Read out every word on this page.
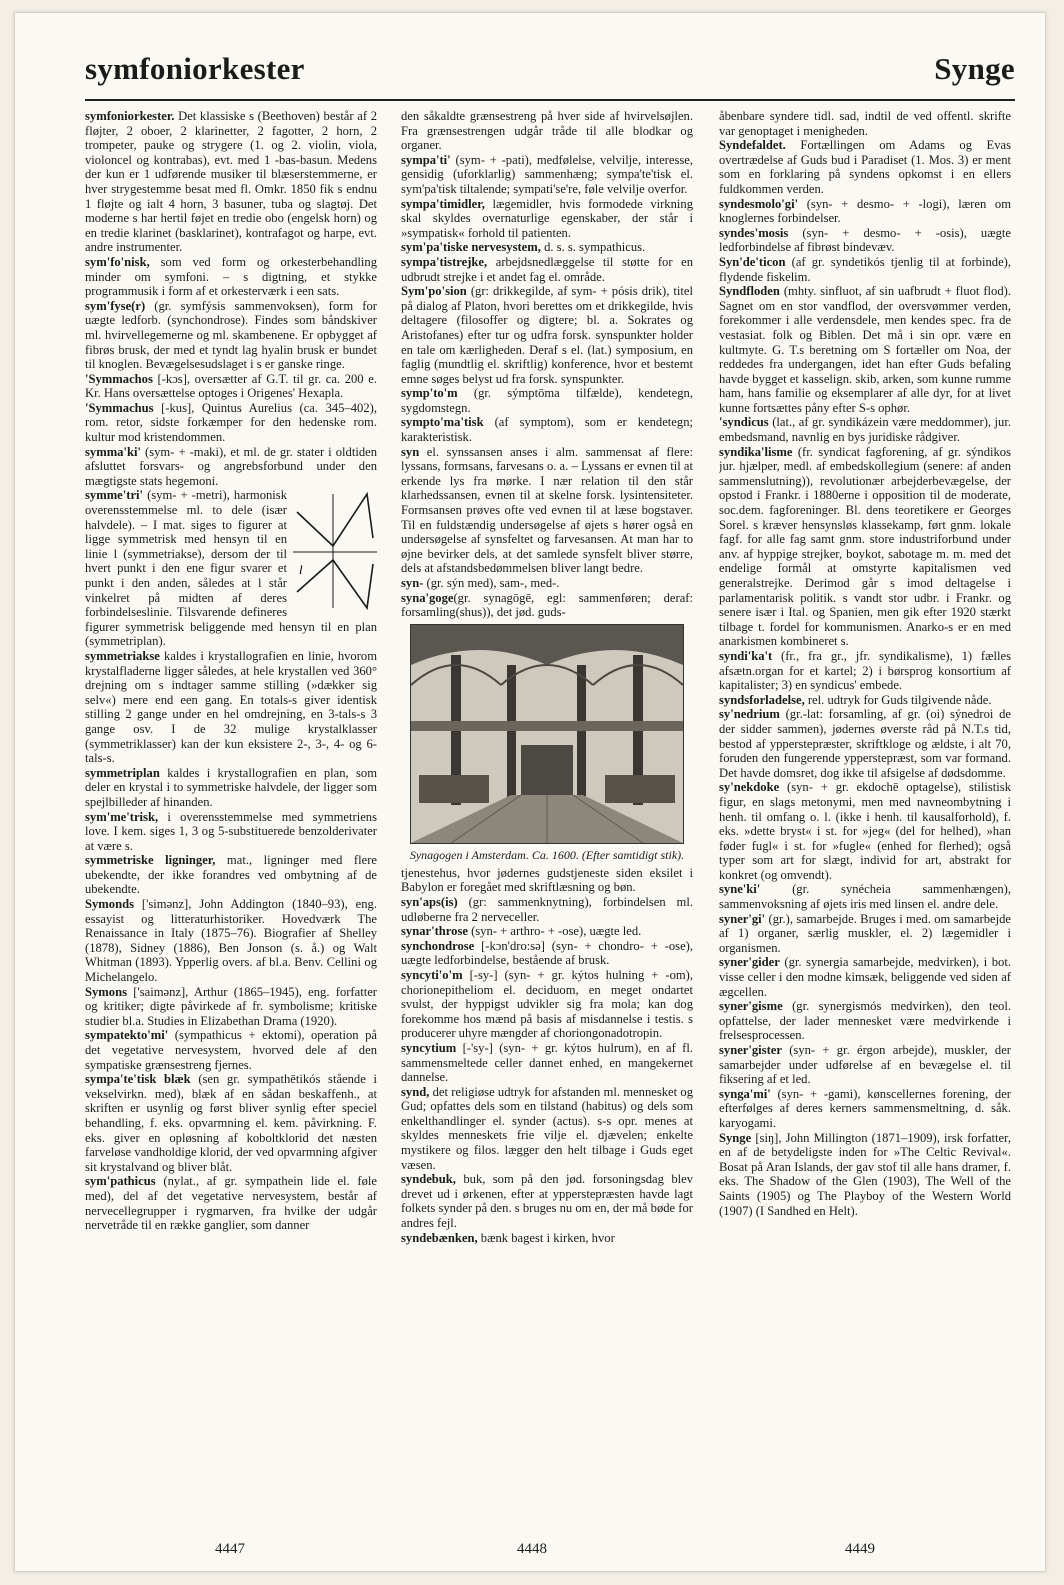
symfoniorkester	Synge

symfoniorkester. Det klassiske s (Beethoven) består af 2 fløjter, 2 oboer, 2 klarinetter, 2 fagotter, 2 horn, 2 trompeter, pauke og strygere (1. og 2. violin, viola, violoncel og kontrabas), evt. med 1 -bas-basun. Medens der kun er 1 udførende musiker til blæserstemmerne, er hver strygestemme besat med fl. Omkr. 1850 fik s endnu 1 fløjte og ialt 4 horn, 3 basuner, tuba og slagtøj. Det moderne s har hertil føjet en tredie obo (engelsk horn) og en tredie klarinet (basklarinet), kontrafagot og harpe, evt. andre instrumenter.

sym'fo'nisk, som ved form og orkesterbehandling minder om symfoni. – s digtning, et stykke programmusik i form af et orkesterværk i een sats.

sym'fyse(r) (gr. symfýsis sammenvoksen), form for uægte ledforb. (synchondrose). Findes som båndskiver ml. hvirvellegemerne og ml. skambenene. Er opbygget af fibrøs brusk, der med et tyndt lag hyalin brusk er bundet til knoglen. Bevægelsesudslaget i s er ganske ringe.

'Symmachos [-kɔs], oversætter af G.T. til gr. ca. 200 e. Kr. Hans oversættelse optoges i Origenes' Hexapla.

'Symmachus [-kus], Quintus Aurelius (ca. 345–402), rom. retor, sidste forkæmper for den hedenske rom. kultur mod kristendommen.

symma'ki' (sym- + -maki), et ml. de gr. stater i oldtiden afsluttet forsvars- og angrebsforbund under den mægtigste stats hegemoni.

l
symme'tri' (sym- + -metri), harmonisk overensstemmelse ml. to dele (især halvdele). – I mat. siges to figurer at ligge symmetrisk med hensyn til en linie l (symmetriakse), dersom der til hvert punkt i den ene figur svarer et punkt i den anden, således at l står vinkelret på midten af deres forbindelseslinie. Tilsvarende defineres figurer symmetrisk beliggende med hensyn til en plan (symmetriplan).

symmetriakse kaldes i krystallografien en linie, hvorom krystalfladerne ligger således, at hele krystallen ved 360° drejning om s indtager samme stilling (»dækker sig selv«) mere end een gang. En totals-s giver identisk stilling 2 gange under en hel omdrejning, en 3-tals-s 3 gange osv. I de 32 mulige krystalklasser (symmetriklasser) kan der kun eksistere 2-, 3-, 4- og 6-tals-s.

symmetriplan kaldes i krystallografien en plan, som deler en krystal i to symmetriske halvdele, der ligger som spejlbilleder af hinanden.

sym'me'trisk, i overensstemmelse med symmetriens love. I kem. siges 1, 3 og 5-substituerede benzolderivater at være s.

symmetriske ligninger, mat., ligninger med flere ubekendte, der ikke forandres ved ombytning af de ubekendte.

Symonds ['simənz], John Addington (1840–93), eng. essayist og litteraturhistoriker. Hovedværk The Renaissance in Italy (1875–76). Biografier af Shelley (1878), Sidney (1886), Ben Jonson (s. å.) og Walt Whitman (1893). Ypperlig overs. af bl.a. Benv. Cellini og Michelangelo.

Symons ['saimənz], Arthur (1865–1945), eng. forfatter og kritiker; digte påvirkede af fr. symbolisme; kritiske studier bl.a. Studies in Elizabethan Drama (1920).

sympatekto'mi' (sympathicus + ektomi), operation på det vegetative nervesystem, hvorved dele af den sympatiske grænsestreng fjernes.

sympa'te'tisk blæk (sen gr. sympathētikós stående i vekselvirkn. med), blæk af en sådan beskaffenh., at skriften er usynlig og først bliver synlig efter speciel behandling, f. eks. opvarmning el. kem. påvirkning. F. eks. giver en opløsning af koboltklorid det næsten farveløse vandholdige klorid, der ved opvarmning afgiver sit krystalvand og bliver blåt.

sym'pathicus (nylat., af gr. sympathein lide el. føle med), del af det vegetative nervesystem, består af nervecellegrupper i rygmarven, fra hvilke der udgår nervetråde til en række ganglier, som danner

den såkaldte grænsestreng på hver side af hvirvelsøjlen. Fra grænsestrengen udgår tråde til alle blodkar og organer.

sympa'ti' (sym- + -pati), medfølelse, velvilje, interesse, gensidig (uforklarlig) sammenhæng; sympa'te'tisk el. sym'pa'tisk tiltalende; sympati'se're, føle velvilje overfor.

sympa'timidler, lægemidler, hvis formodede virkning skal skyldes overnaturlige egenskaber, der står i »sympatisk« forhold til patienten.

sym'pa'tiske nervesystem, d. s. s. sympathicus.

sympa'tistrejke, arbejdsnedlæggelse til støtte for en udbrudt strejke i et andet fag el. område.

Sym'po'sion (gr: drikkegilde, af sym- + pósis drik), titel på dialog af Platon, hvori berettes om et drikkegilde, hvis deltagere (filosoffer og digtere; bl. a. Sokrates og Aristofanes) efter tur og udfra forsk. synspunkter holder en tale om kærligheden. Deraf s el. (lat.) symposium, en faglig (mundtlig el. skriftlig) konference, hvor et bestemt emne søges belyst ud fra forsk. synspunkter.

symp'to'm (gr. sýmptōma tilfælde), kendetegn, sygdomstegn.

sympto'ma'tisk (af symptom), som er kendetegn; karakteristisk.

syn el. synssansen anses i alm. sammensat af flere: lyssans, formsans, farvesans o. a. – Lyssans er evnen til at erkende lys fra mørke. I nær relation til den står klarhedssansen, evnen til at skelne forsk. lysintensiteter. Formsansen prøves ofte ved evnen til at læse bogstaver. Til en fuldstændig undersøgelse af øjets s hører også en undersøgelse af synsfeltet og farvesansen. At man har to øjne bevirker dels, at det samlede synsfelt bliver større, dels at afstandsbedømmelsen bliver langt bedre.

syn- (gr. sýn med), sam-, med-.

syna'goge(gr. synagōgē, egl: sammenføren; deraf: forsamling(shus)), det jød. guds-

Synagogen i Amsterdam. Ca. 1600. (Efter samtidigt stik).

tjenestehus, hvor jødernes gudstjeneste siden eksilet i Babylon er foregået med skriftlæsning og bøn.

syn'aps(is) (gr: sammenknytning), forbindelsen ml. udløberne fra 2 nerveceller.

synar'throse (syn- + arthro- + -ose), uægte led.

synchondrose [-kɔn'dro:sə] (syn- + chondro- + -ose), uægte ledforbindelse, bestående af brusk.

syncyti'o'm [-sy-] (syn- + gr. kýtos hulning + -om), chorionepitheliom el. deciduom, en meget ondartet svulst, der hyppigst udvikler sig fra mola; kan dog forekomme hos mænd på basis af misdannelse i testis. s producerer uhyre mængder af choriongonadotropin.

syncytium [-'sy-] (syn- + gr. kýtos hulrum), en af fl. sammensmeltede celler dannet enhed, en mangekernet dannelse.

synd, det religiøse udtryk for afstanden ml. mennesket og Gud; opfattes dels som en tilstand (habitus) og dels som enkelthandlinger el. synder (actus). s-s opr. menes at skyldes menneskets frie vilje el. djævelen; enkelte mystikere og filos. lægger den helt tilbage i Guds eget væsen.

syndebuk, buk, som på den jød. forsoningsdag blev drevet ud i ørkenen, efter at ypperstepræsten havde lagt folkets synder på den. s bruges nu om en, der må bøde for andres fejl.

syndebænken, bænk bagest i kirken, hvor

åbenbare syndere tidl. sad, indtil de ved offentl. skrifte var genoptaget i menigheden.

Syndefaldet. Fortællingen om Adams og Evas overtrædelse af Guds bud i Paradiset (1. Mos. 3) er ment som en forklaring på syndens opkomst i en ellers fuldkommen verden.

syndesmolo'gi' (syn- + desmo- + -logi), læren om knoglernes forbindelser.

syndes'mosis (syn- + desmo- + -osis), uægte ledforbindelse af fibrøst bindevæv.

Syn'de'ticon (af gr. syndetikós tjenlig til at forbinde), flydende fiskelim.

Syndfloden (mhty. sinfluot, af sin uafbrudt + fluot flod). Sagnet om en stor vandflod, der oversvømmer verden, forekommer i alle verdensdele, men kendes spec. fra de vestasiat. folk og Biblen. Det må i sin opr. være en kultmyte. G. T.s beretning om S fortæller om Noa, der reddedes fra undergangen, idet han efter Guds befaling havde bygget et kasselign. skib, arken, som kunne rumme ham, hans familie og eksemplarer af alle dyr, for at livet kunne fortsættes påny efter S-s ophør.

'syndicus (lat., af gr. syndikázein være meddommer), jur. embedsmand, navnlig en bys juridiske rådgiver.

syndika'lisme (fr. syndicat fagforening, af gr. sýndikos jur. hjælper, medl. af embedskollegium (senere: af anden sammenslutning)), revolutionær arbejderbevægelse, der opstod i Frankr. i 1880erne i opposition til de moderate, soc.dem. fagforeninger. Bl. dens teoretikere er Georges Sorel. s kræver hensynsløs klassekamp, ført gnm. lokale fagf. for alle fag samt gnm. store industriforbund under anv. af hyppige strejker, boykot, sabotage m. m. med det endelige formål at omstyrte kapitalismen ved generalstrejke. Derimod går s imod deltagelse i parlamentarisk politik. s vandt stor udbr. i Frankr. og senere især i Ital. og Spanien, men gik efter 1920 stærkt tilbage t. fordel for kommunismen. Anarko-s er en med anarkismen kombineret s.

syndi'ka't (fr., fra gr., jfr. syndikalisme), 1) fælles afsætn.organ for et kartel; 2) i børsprog konsortium af kapitalister; 3) en syndicus' embede.

syndsforladelse, rel. udtryk for Guds tilgivende nåde.

sy'nedrium (gr.-lat: forsamling, af gr. (oi) sýnedroi de der sidder sammen), jødernes øverste råd på N.T.s tid, bestod af ypperstepræster, skriftkloge og ældste, i alt 70, foruden den fungerende ypperstepræst, som var formand. Det havde domsret, dog ikke til afsigelse af dødsdomme.

sy'nekdoke (syn- + gr. ekdochē optagelse), stilistisk figur, en slags metonymi, men med navneombytning i henh. til omfang o. l. (ikke i henh. til kausalforhold), f. eks. »dette bryst« i st. for »jeg« (del for helhed), »han føder fugl« i st. for »fugle« (enhed for flerhed); også typer som art for slægt, individ for art, abstrakt for konkret (og omvendt).

syne'ki' (gr. synécheia sammenhængen), sammenvoksning af øjets iris med linsen el. andre dele.

syner'gi' (gr.), samarbejde. Bruges i med. om samarbejde af 1) organer, særlig muskler, el. 2) lægemidler i organismen.

syner'gider (gr. synergia samarbejde, medvirken), i bot. visse celler i den modne kimsæk, beliggende ved siden af ægcellen.

syner'gisme (gr. synergismós medvirken), den teol. opfattelse, der lader mennesket være medvirkende i frelsesprocessen.

syner'gister (syn- + gr. érgon arbejde), muskler, der samarbejder under udførelse af en bevægelse el. til fiksering af et led.

synga'mi' (syn- + -gami), kønscellernes forening, der efterfølges af deres kerners sammensmeltning, d. såk. karyogami.

Synge [siŋ], John Millington (1871–1909), irsk forfatter, en af de betydeligste inden for »The Celtic Revival«. Bosat på Aran Islands, der gav stof til alle hans dramer, f. eks. The Shadow of the Glen (1903), The Well of the Saints (1905) og The Playboy of the Western World (1907) (I Sandhed en Helt).

4447	4448	4449
